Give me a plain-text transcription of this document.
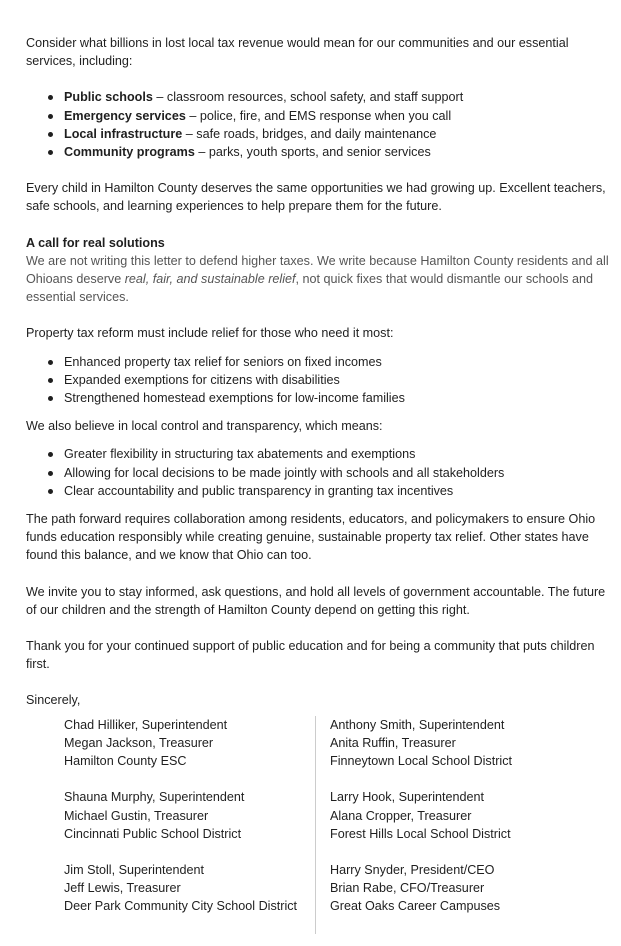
Consider what billions in lost local tax revenue would mean for our communities and our essential services, including:

Public schools – classroom resources, school safety, and staff support
Emergency services – police, fire, and EMS response when you call
Local infrastructure – safe roads, bridges, and daily maintenance
Community programs – parks, youth sports, and senior services

Every child in Hamilton County deserves the same opportunities we had growing up. Excellent teachers, safe schools, and learning experiences to help prepare them for the future.

A call for real solutions

We are not writing this letter to defend higher taxes. We write because Hamilton County residents and all Ohioans deserve real, fair, and sustainable relief, not quick fixes that would dismantle our schools and essential services.

Property tax reform must include relief for those who need it most:

Enhanced property tax relief for seniors on fixed incomes
Expanded exemptions for citizens with disabilities
Strengthened homestead exemptions for low-income families

We also believe in local control and transparency, which means:

Greater flexibility in structuring tax abatements and exemptions
Allowing for local decisions to be made jointly with schools and all stakeholders
Clear accountability and public transparency in granting tax incentives

The path forward requires collaboration among residents, educators, and policymakers to ensure Ohio funds education responsibly while creating genuine, sustainable property tax relief. Other states have found this balance, and we know that Ohio can too.

We invite you to stay informed, ask questions, and hold all levels of government accountable. The future of our children and the strength of Hamilton County depend on getting this right.

Thank you for your continued support of public education and for being a community that puts children first.

Sincerely,

Chad Hilliker, Superintendent
Megan Jackson, Treasurer
Hamilton County ESC
Shauna Murphy, Superintendent
Michael Gustin, Treasurer
Cincinnati Public School District
Jim Stoll, Superintendent
Jeff Lewis, Treasurer
Deer Park Community City School District
Anthony Smith, Superintendent
Anita Ruffin, Treasurer
Finneytown Local School District
Larry Hook, Superintendent
Alana Cropper, Treasurer
Forest Hills Local School District
Harry Snyder, President/CEO
Brian Rabe, CFO/Treasurer
Great Oaks Career Campuses
